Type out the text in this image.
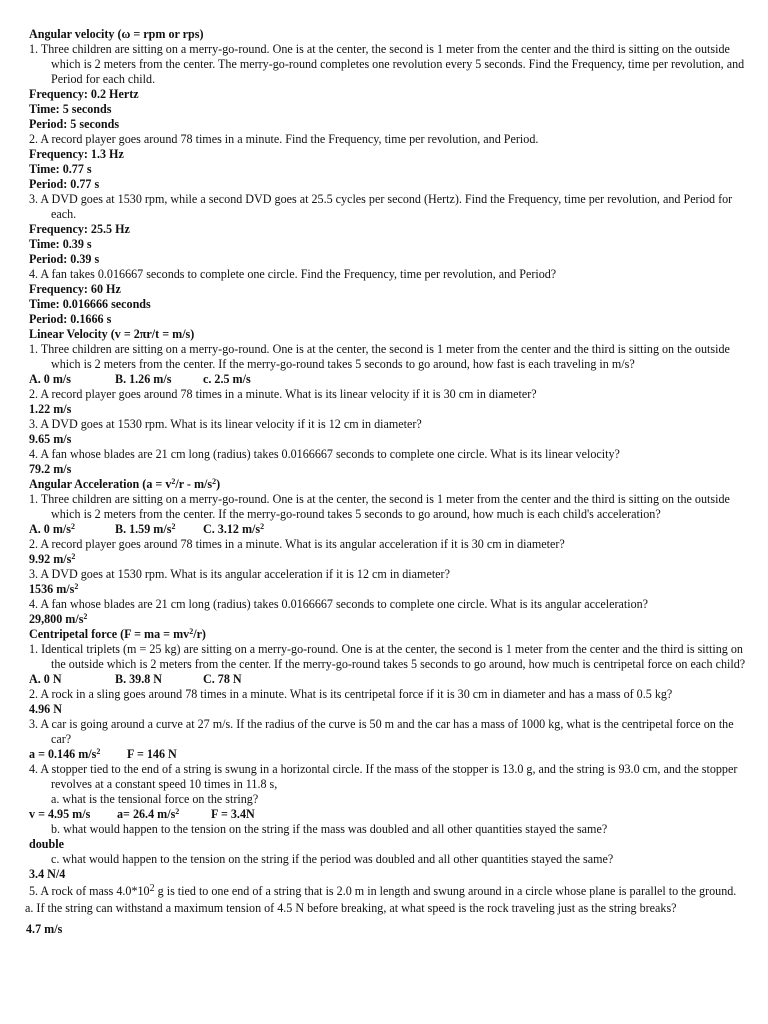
Angular velocity (ω = rpm or rps)
1. Three children are sitting on a merry-go-round. One is at the center, the second is 1 meter from the center and the third is sitting on the outside which is 2 meters from the center. The merry-go-round completes one revolution every 5 seconds. Find the Frequency, time per revolution, and Period for each child.
Frequency: 0.2 Hertz
Time: 5 seconds
Period: 5 seconds
2. A record player goes around 78 times in a minute. Find the Frequency, time per revolution, and Period.
Frequency: 1.3 Hz
Time: 0.77 s
Period: 0.77 s
3. A DVD goes at 1530 rpm, while a second DVD goes at 25.5 cycles per second (Hertz). Find the Frequency, time per revolution, and Period for each.
Frequency: 25.5 Hz
Time: 0.39 s
Period: 0.39 s
4. A fan takes 0.016667 seconds to complete one circle. Find the Frequency, time per revolution, and Period?
Frequency: 60 Hz
Time: 0.016666 seconds
Period: 0.1666 s
Linear Velocity (v = 2πr/t = m/s)
1. Three children are sitting on a merry-go-round. One is at the center, the second is 1 meter from the center and the third is sitting on the outside which is 2 meters from the center. If the merry-go-round takes 5 seconds to go around, how fast is each traveling in m/s?
A. 0 m/s	B. 1.26 m/s	c. 2.5 m/s
2. A record player goes around 78 times in a minute. What is its linear velocity if it is 30 cm in diameter?
1.22 m/s
3. A DVD goes at 1530 rpm. What is its linear velocity if it is 12 cm in diameter?
9.65 m/s
4. A fan whose blades are 21 cm long (radius) takes 0.0166667 seconds to complete one circle. What is its linear velocity?
79.2 m/s
Angular Acceleration $(a = v^2/r - m/s^2)$
1. Three children are sitting on a merry-go-round. One is at the center, the second is 1 meter from the center and the third is sitting on the outside which is 2 meters from the center. If the merry-go-round takes 5 seconds to go around, how much is each child's acceleration?
A. 0 $m/s^2$	B. 1.59 $m/s^2$ C. 3.12 $m/s^2$
2. A record player goes around 78 times in a minute. What is its angular acceleration if it is 30 cm in diameter?
9.92 $m/s^2$
3. A DVD goes at 1530 rpm. What is its angular acceleration if it is 12 cm in diameter?
1536 $m/s^2$
4. A fan whose blades are 21 cm long (radius) takes 0.0166667 seconds to complete one circle. What is its angular acceleration?
29,800 $m/s^2$
Centripetal force (F = ma = $mv^2/r$)
1. Identical triplets (m = 25 kg) are sitting on a merry-go-round. One is at the center, the second is 1 meter from the center and the third is sitting on the outside which is 2 meters from the center. If the merry-go-round takes 5 seconds to go around, how much is centripetal force on each child?
A. 0 N	B. 39.8 N	C. 78 N
2. A rock in a sling goes around 78 times in a minute. What is its centripetal force if it is 30 cm in diameter and has a mass of 0.5 kg?
4.96 N
3. A car is going around a curve at 27 m/s. If the radius of the curve is 50 m and the car has a mass of 1000 kg, what is the centripetal force on the car?
a = 0.146 $m/s^2$ F = 146 N
4. A stopper tied to the end of a string is swung in a horizontal circle. If the mass of the stopper is 13.0 g, and the string is 93.0 cm, and the stopper revolves at a constant speed 10 times in 11.8 s,
a. what is the tensional force on the string?
v = 4.95 m/s a= 26.4 $m/s^2$	F = 3.4N
b. what would happen to the tension on the string if the mass was doubled and all other quantities stayed the same?
double
c. what would happen to the tension on the string if the period was doubled and all other quantities stayed the same?
3.4 N/4
5. A rock of mass $4.0*10^2$ g is tied to one end of a string that is 2.0 m in length and swung around in a circle whose plane is parallel to the ground.
a. If the string can withstand a maximum tension of 4.5 N before breaking, at what speed is the rock traveling just as the string breaks?
4.7 m/s
